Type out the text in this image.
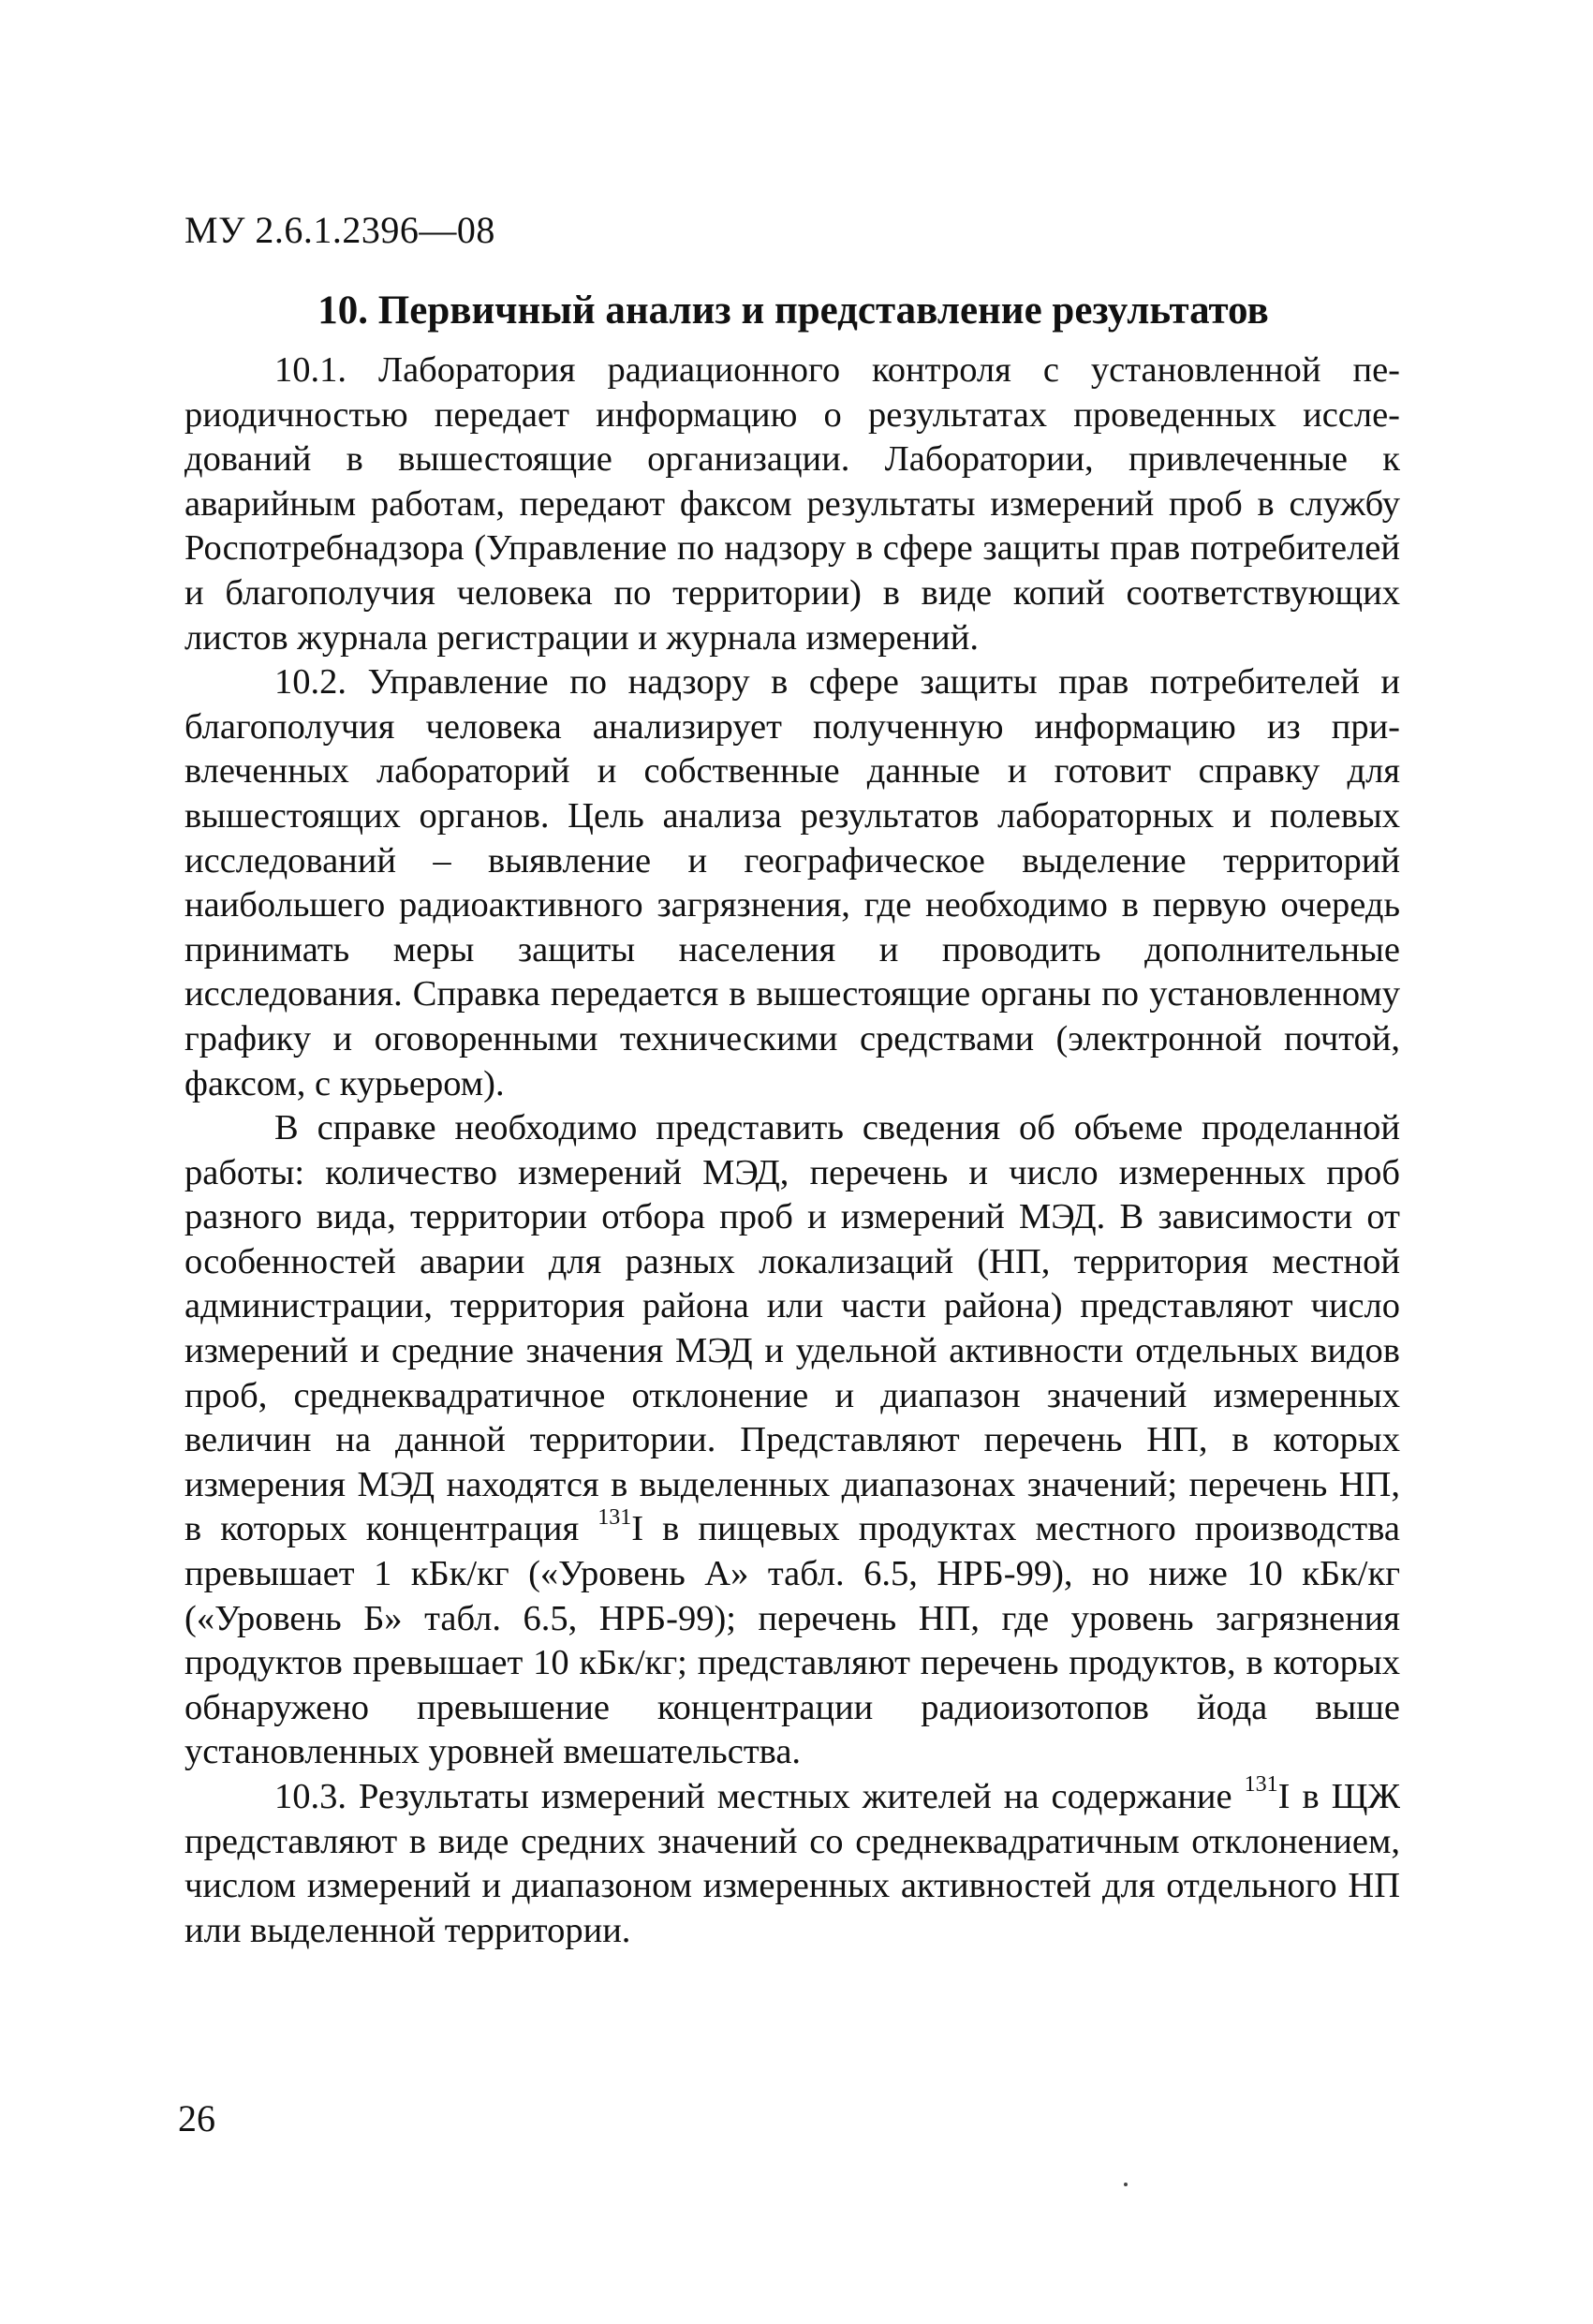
МУ 2.6.1.2396—08
10. Первичный анализ и представление результатов

10.1. Лаборатория радиационного контроля с установленной периодичностью передает информацию о результатах проведенных исследований в вышестоящие организации. Лаборатории, привлеченные к аварийным работам, передают факсом результаты измерений проб в службу Роспотребнадзора (Управление по надзору в сфере защиты прав потребителей и благополучия человека по территории) в виде копий соответствующих листов журнала регистрации и журнала измерений.

10.2. Управление по надзору в сфере защиты прав потребителей и благополучия человека анализирует полученную информацию из привлеченных лабораторий и собственные данные и готовит справку для вышестоящих органов. Цель анализа результатов лабораторных и полевых исследований – выявление и географическое выделение территорий наибольшего радиоактивного загрязнения, где необходимо в первую очередь принимать меры защиты населения и проводить дополнительные исследования. Справка передается в вышестоящие органы по установленному графику и оговоренными техническими средствами (электронной почтой, факсом, с курьером).

В справке необходимо представить сведения об объеме проделанной работы: количество измерений МЭД, перечень и число измеренных проб разного вида, территории отбора проб и измерений МЭД. В зависимости от особенностей аварии для разных локализаций (НП, территория местной администрации, территория района или части района) представляют число измерений и средние значения МЭД и удельной активности отдельных видов проб, среднеквадратичное отклонение и диапазон значений измеренных величин на данной территории. Представляют перечень НП, в которых измерения МЭД находятся в выделенных диапазонах значений; перечень НП, в которых концентрация $^{131}$I в пищевых продуктах местного производства превышает 1 кБк/кг («Уровень А» табл. 6.5, НРБ-99), но ниже 10 кБк/кг («Уровень Б» табл. 6.5, НРБ-99); перечень НП, где уровень загрязнения продуктов превышает 10 кБк/кг; представляют перечень продуктов, в которых обнаружено превышение концентрации радиоизотопов йода выше установленных уровней вмешательства.

10.3. Результаты измерений местных жителей на содержание $^{131}$I в ЩЖ представляют в виде средних значений со среднеквадратичным отклонением, числом измерений и диапазоном измеренных активностей для отдельного НП или выделенной территории.

26
